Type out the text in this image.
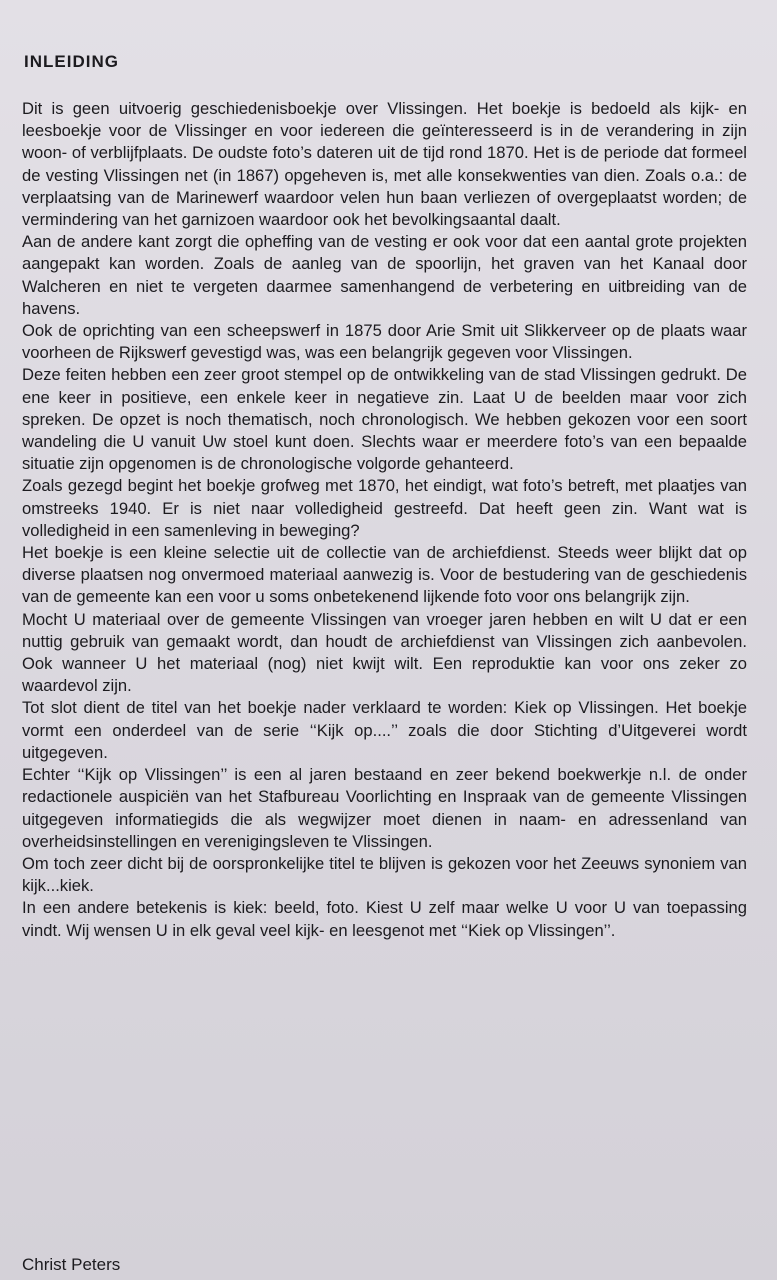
INLEIDING

Dit is geen uitvoerig geschiedenisboekje over Vlissingen. Het boekje is bedoeld als kijk- en leesboekje voor de Vlissinger en voor iedereen die geïnteresseerd is in de verandering in zijn woon- of verblijfplaats. De oudste foto’s dateren uit de tijd rond 1870. Het is de periode dat formeel de vesting Vlissingen net (in 1867) opgeheven is, met alle konsekwenties van dien. Zoals o.a.: de verplaatsing van de Marinewerf waardoor velen hun baan verliezen of overgeplaatst worden; de vermindering van het garnizoen waardoor ook het bevolkingsaantal daalt.

Aan de andere kant zorgt die opheffing van de vesting er ook voor dat een aantal grote projekten aangepakt kan worden. Zoals de aanleg van de spoorlijn, het graven van het Kanaal door Walcheren en niet te vergeten daarmee samenhangend de verbetering en uitbreiding van de havens.

Ook de oprichting van een scheepswerf in 1875 door Arie Smit uit Slikkerveer op de plaats waar voorheen de Rijkswerf gevestigd was, was een belangrijk gegeven voor Vlissingen.

Deze feiten hebben een zeer groot stempel op de ontwikkeling van de stad Vlissingen gedrukt. De ene keer in positieve, een enkele keer in negatieve zin. Laat U de beelden maar voor zich spreken. De opzet is noch thematisch, noch chronologisch. We hebben gekozen voor een soort wandeling die U vanuit Uw stoel kunt doen. Slechts waar er meerdere foto’s van een bepaalde situatie zijn opgenomen is de chronologische volgorde gehanteerd.

Zoals gezegd begint het boekje grofweg met 1870, het eindigt, wat foto’s betreft, met plaatjes van omstreeks 1940. Er is niet naar volledigheid gestreefd. Dat heeft geen zin. Want wat is volledigheid in een samenleving in beweging?

Het boekje is een kleine selectie uit de collectie van de archiefdienst. Steeds weer blijkt dat op diverse plaatsen nog onvermoed materiaal aanwezig is. Voor de bestudering van de geschiedenis van de gemeente kan een voor u soms onbetekenend lijkende foto voor ons belangrijk zijn.

Mocht U materiaal over de gemeente Vlissingen van vroeger jaren hebben en wilt U dat er een nuttig gebruik van gemaakt wordt, dan houdt de archiefdienst van Vlissingen zich aanbevolen. Ook wanneer U het materiaal (nog) niet kwijt wilt. Een reproduktie kan voor ons zeker zo waardevol zijn.

Tot slot dient de titel van het boekje nader verklaard te worden: Kiek op Vlissingen. Het boekje vormt een onderdeel van de serie ‘‘Kijk op....’’ zoals die door Stichting d’Uitgeverei wordt uitgegeven.

Echter ‘‘Kijk op Vlissingen’’ is een al jaren bestaand en zeer bekend boekwerkje n.l. de onder redactionele auspiciën van het Stafbureau Voorlichting en Inspraak van de gemeente Vlissingen uitgegeven informatiegids die als wegwijzer moet dienen in naam- en adressenland van overheidsinstellingen en verenigingsleven te Vlissingen.

Om toch zeer dicht bij de oorspronkelijke titel te blijven is gekozen voor het Zeeuws synoniem van kijk...kiek.

In een andere betekenis is kiek: beeld, foto. Kiest U zelf maar welke U voor U van toepassing vindt. Wij wensen U in elk geval veel kijk- en leesgenot met ‘‘Kiek op Vlissingen’’.

Christ Peters
